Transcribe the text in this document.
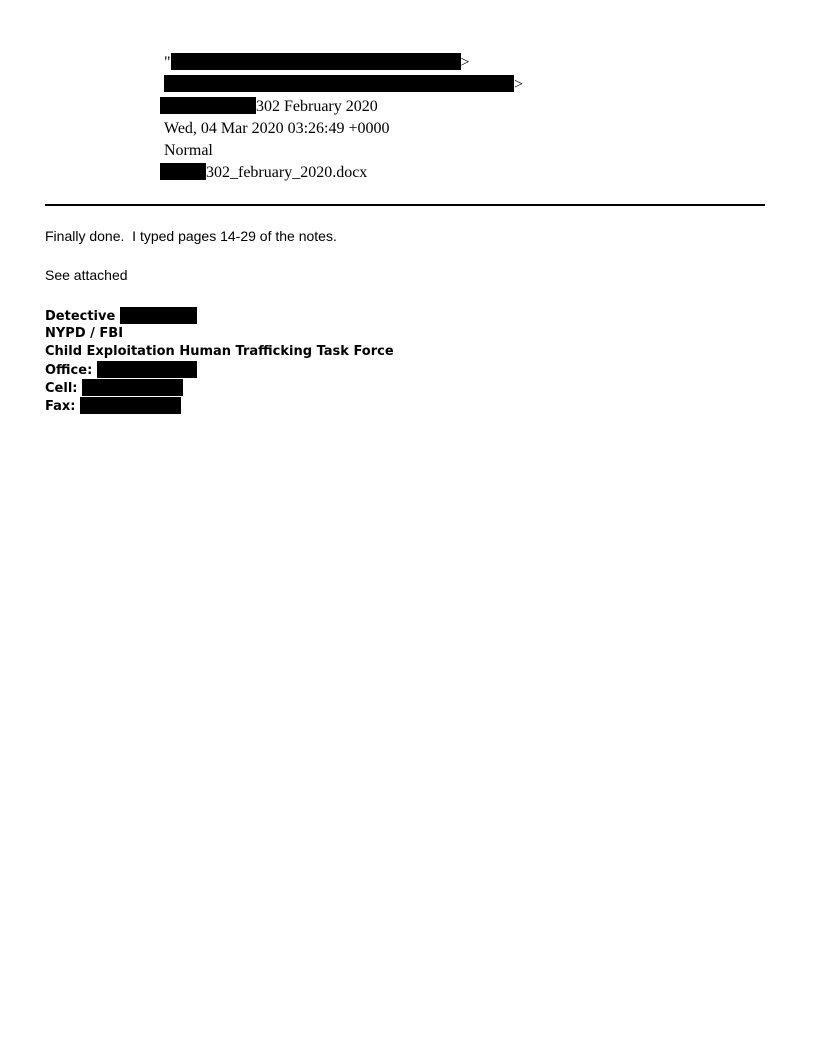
"	>
>
302 February 2020
Wed, 04 Mar 2020 03:26:49 +0000
Normal
302_february_2020.docx
Finally done.  I typed pages 14-29 of the notes.
See attached
Detective
NYPD / FBI
Child Exploitation Human Trafficking Task Force
Office:
Cell:
Fax:
